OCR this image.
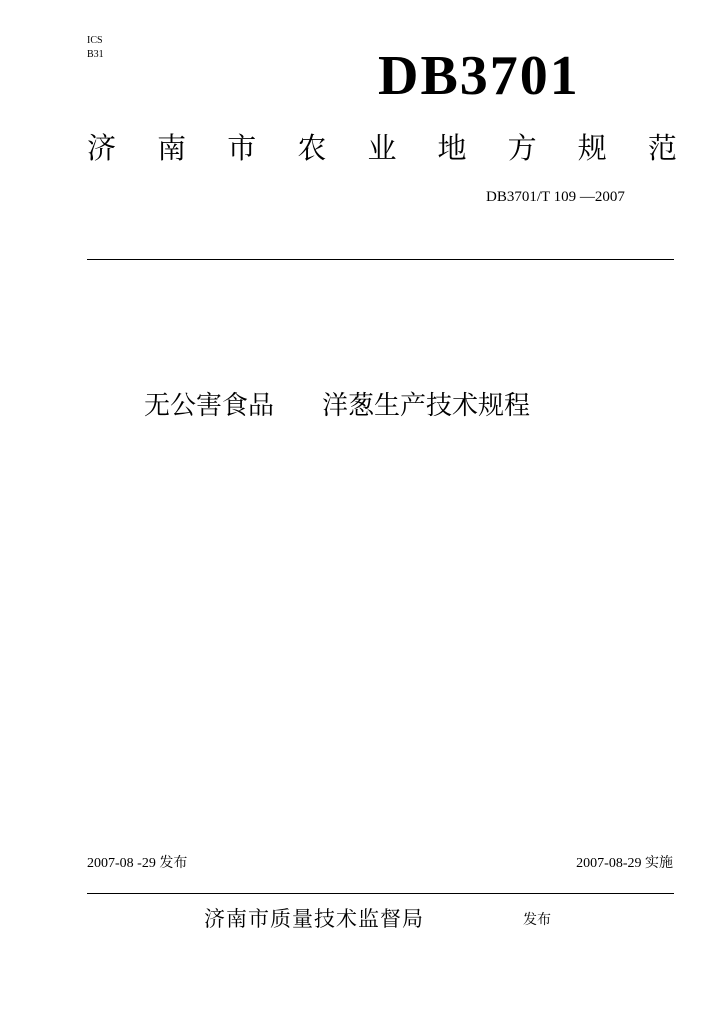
ICS
B31	DB3701
济 南 市 农 业 地 方 规 范
DB3701/T 109 —2007
无公害食品 洋葱生产技术规程
2007-08 -29 发布	2007-08-29 实施
济南市质量技术监督局	发布
